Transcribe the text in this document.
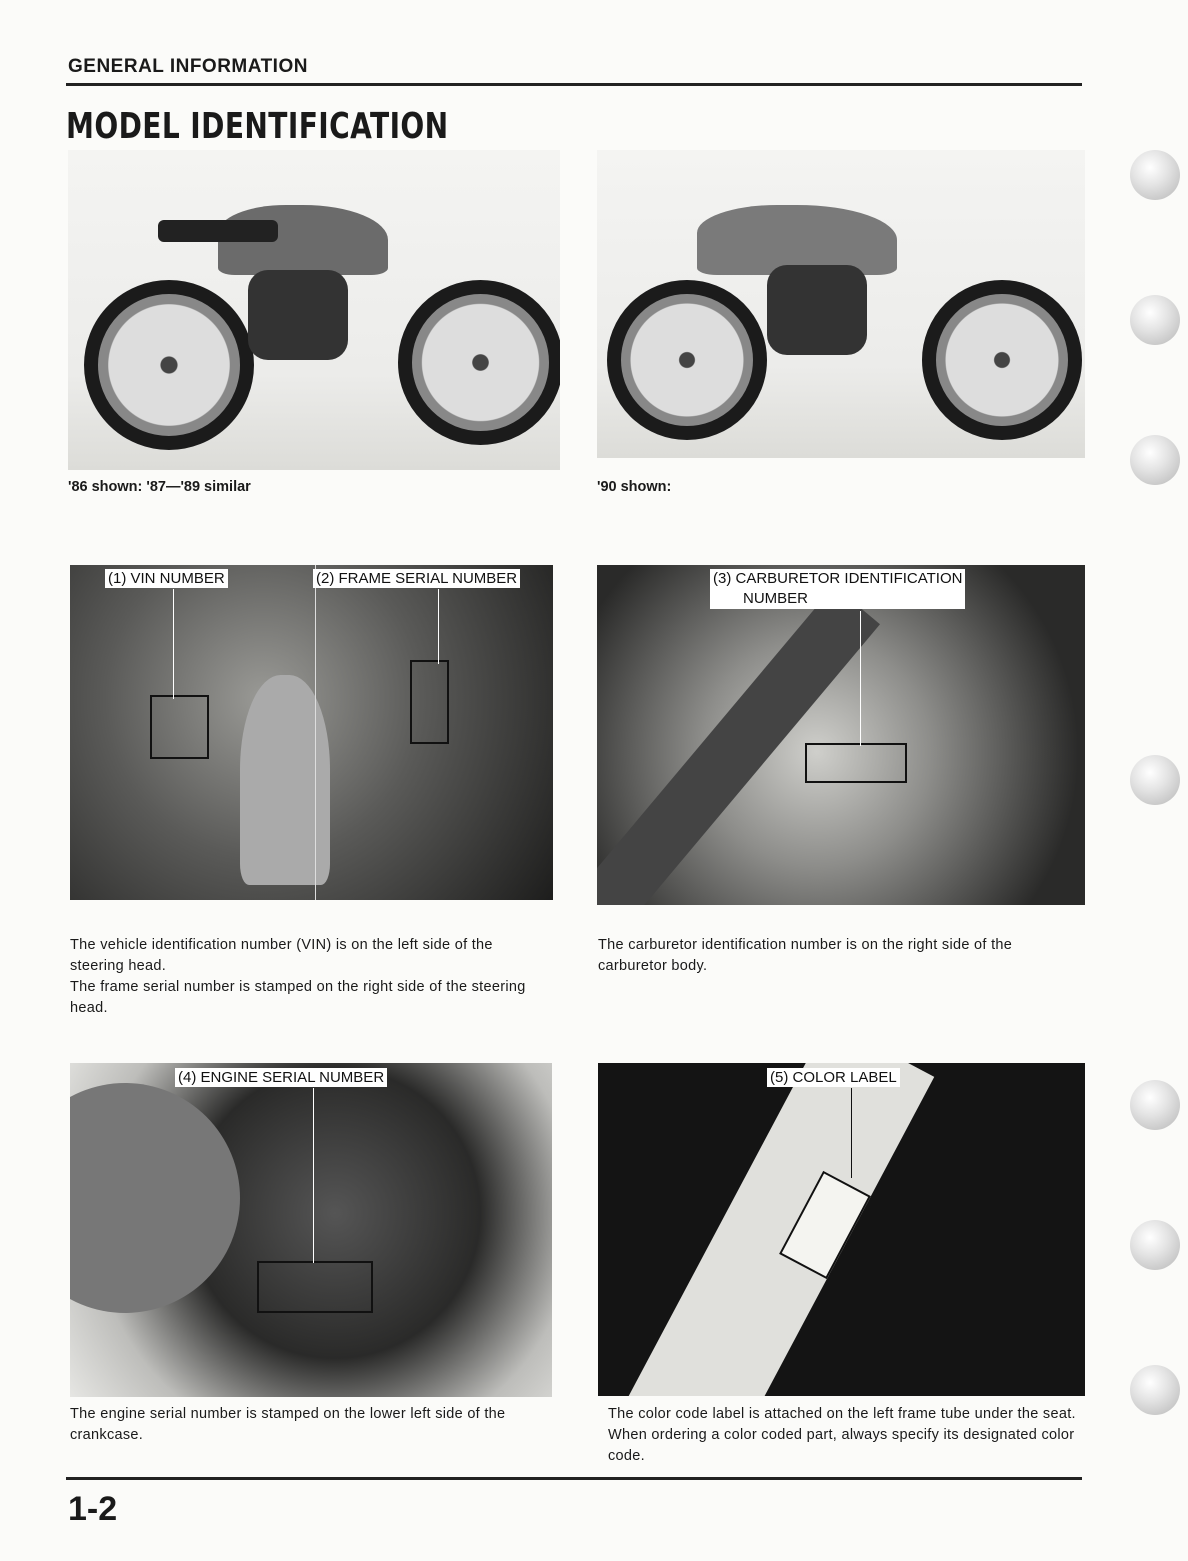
GENERAL INFORMATION
MODEL IDENTIFICATION
'86 shown: '87—'89 similar	'90 shown:
(1) VIN NUMBER	(2) FRAME SERIAL NUMBER	(3) CARBURETOR IDENTIFICATION
NUMBER
The vehicle identification number (VIN) is on the left side of the steering head.
The frame serial number is stamped on the right side of the steering head.
The carburetor identification number is on the right side of the carburetor body.
(4) ENGINE SERIAL NUMBER	(5) COLOR LABEL
The engine serial number is stamped on the lower left side of the crankcase.
The color code label is attached on the left frame tube under the seat. When ordering a color coded part, always specify its designated color code.
1-2
